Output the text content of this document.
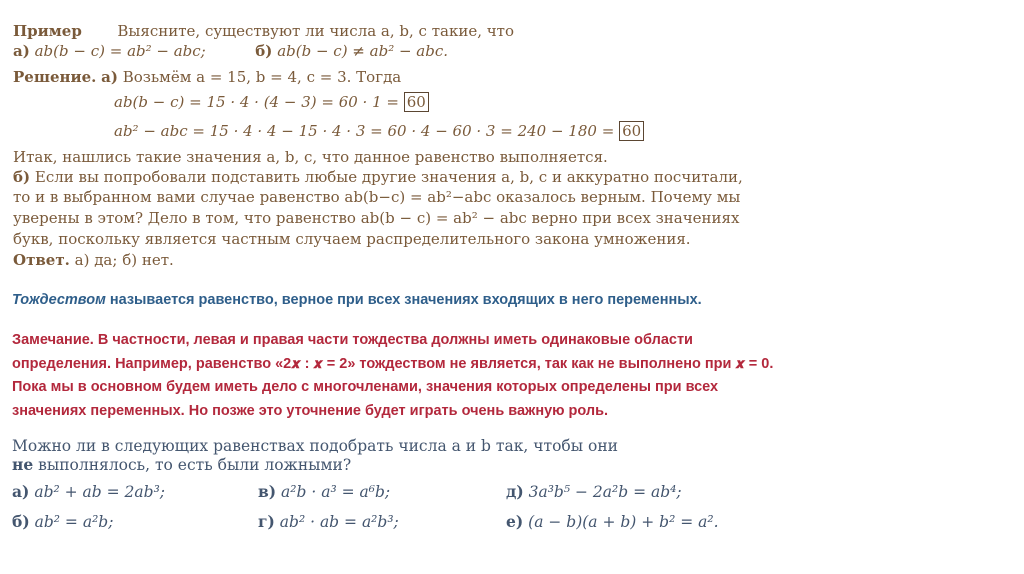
Пример Выясните, существуют ли числа a, b, c такие, что
а) ab(b − c) = ab² − abc;	б) ab(b − c) ≠ ab² − abc.
Решение. а) Возьмём a = 15, b = 4, c = 3. Тогда
ab(b − c) = 15 · 4 · (4 − 3) = 60 · 1 = 60
ab² − abc = 15 · 4 · 4 − 15 · 4 · 3 = 60 · 4 − 60 · 3 = 240 − 180 = 60
Итак, нашлись такие значения a, b, c, что данное равенство выполняется.
б) Если вы попробовали подставить любые другие значения a, b, c и аккуратно посчитали,
то и в выбранном вами случае равенство ab(b−c) = ab²−abc оказалось верным. Почему мы
уверены в этом? Дело в том, что равенство ab(b − c) = ab² − abc верно при всех значениях
букв, поскольку является частным случаем распределительного закона умножения.
Ответ. а) да; б) нет.
Тождеством называется равенство, верное при всех значениях входящих в него переменных.
Замечание. В частности, левая и правая части тождества должны иметь одинаковые области
определения. Например, равенство «2𝒙 : 𝒙 = 2» тождеством не является, так как не выполнено при 𝒙 = 0.
Пока мы в основном будем иметь дело с многочленами, значения которых определены при всех
значениях переменных. Но позже это уточнение будет играть очень важную роль.
Можно ли в следующих равенствах подобрать числа a и b так, чтобы они
не выполнялось, то есть были ложными?
а) ab² + ab = 2ab³;
б) ab² = a²b;
в) a²b · a³ = a⁶b;
г) ab² · ab = a²b³;
д) 3a³b⁵ − 2a²b = ab⁴;
е) (a − b)(a + b) + b² = a².
